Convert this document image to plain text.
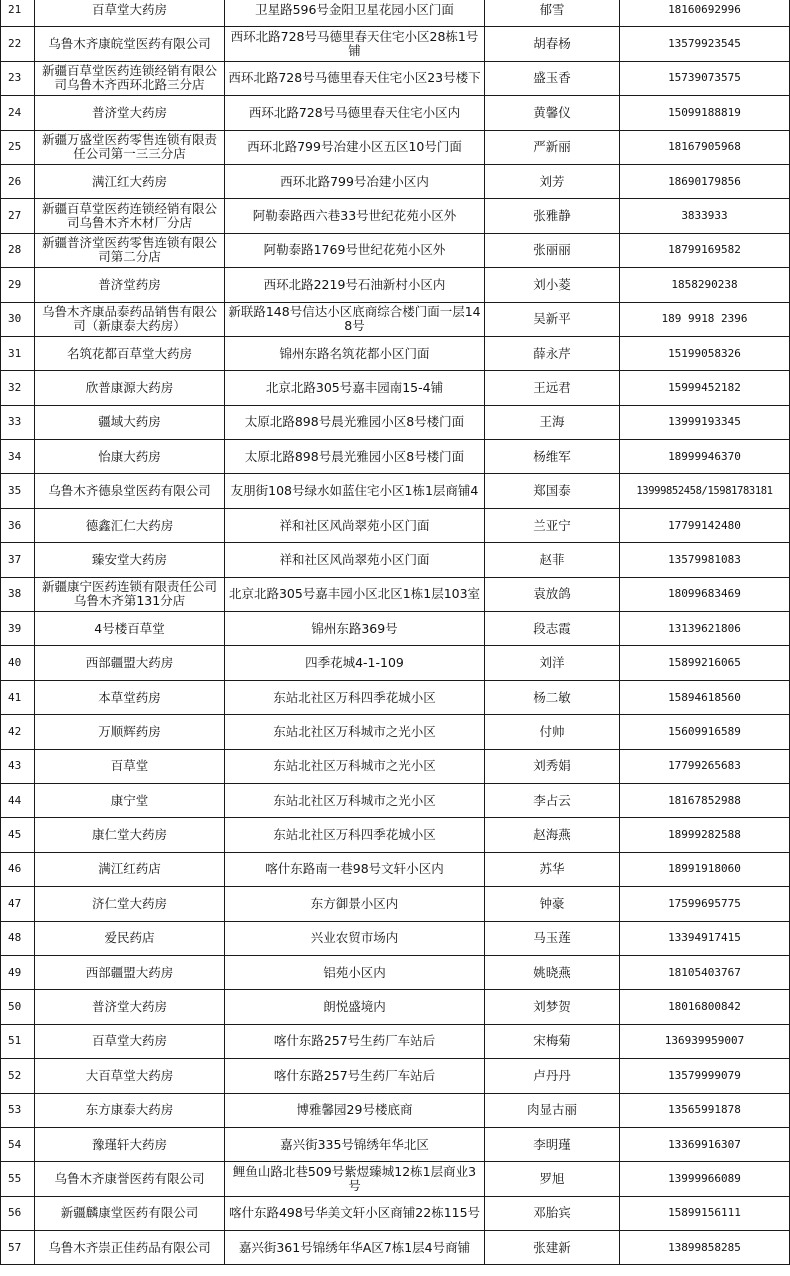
21	百草堂大药房	卫星路596号金阳卫星花园小区门面	郁雪	18160692996
22	乌鲁木齐康皖堂医药有限公司	西环北路728号马德里春天住宅小区28栋1号铺	胡春杨	13579923545
23	新疆百草堂医药连锁经销有限公司乌鲁木齐西环北路三分店	西环北路728号马德里春天住宅小区23号楼下	盛玉香	15739073575
24	普济堂大药房	西环北路728号马德里春天住宅小区内	黄馨仪	15099188819
25	新疆万盛堂医药零售连锁有限责任公司第一三三分店	西环北路799号冶建小区五区10号门面	严新丽	18167905968
26	满江红大药房	西环北路799号冶建小区内	刘芳	18690179856
27	新疆百草堂医药连锁经销有限公司乌鲁木齐木材厂分店	阿勒泰路西六巷33号世纪花苑小区外	张雅静	3833933
28	新疆普济堂医药零售连锁有限公司第二分店	阿勒泰路1769号世纪花苑小区外	张丽丽	18799169582
29	普济堂药房	西环北路2219号石油新村小区内	刘小菱	1858290238
30	乌鲁木齐康品泰药品销售有限公司（新康泰大药房）	新联路148号信达小区底商综合楼门面一层148号	吴新平	189 9918 2396
31	名筑花都百草堂大药房	锦州东路名筑花都小区门面	薛永芹	15199058326
32	欣普康源大药房	北京北路305号嘉丰园南15-4铺	王远君	15999452182
33	疆域大药房	太原北路898号晨光雅园小区8号楼门面	王海	13999193345
34	怡康大药房	太原北路898号晨光雅园小区8号楼门面	杨维军	18999946370
35	乌鲁木齐德泉堂医药有限公司	友朋街108号绿水如蓝住宅小区1栋1层商铺4	郑国泰	13999852458/15981783181
36	德鑫汇仁大药房	祥和社区风尚翠苑小区门面	兰亚宁	17799142480
37	臻安堂大药房	祥和社区风尚翠苑小区门面	赵菲	13579981083
38	新疆康宁医药连锁有限责任公司乌鲁木齐第131分店	北京北路305号嘉丰园小区北区1栋1层103室	袁放鸽	18099683469
39	4号楼百草堂	锦州东路369号	段志霞	13139621806
40	西部疆盟大药房	四季花城4-1-109	刘洋	15899216065
41	本草堂药房	东站北社区万科四季花城小区	杨二敏	15894618560
42	万顺辉药房	东站北社区万科城市之光小区	付帅	15609916589
43	百草堂	东站北社区万科城市之光小区	刘秀娟	17799265683
44	康宁堂	东站北社区万科城市之光小区	李占云	18167852988
45	康仁堂大药房	东站北社区万科四季花城小区	赵海燕	18999282588
46	满江红药店	喀什东路南一巷98号文轩小区内	苏华	18991918060
47	济仁堂大药房	东方御景小区内	钟豪	17599695775
48	爱民药店	兴业农贸市场内	马玉莲	13394917415
49	西部疆盟大药房	铝苑小区内	姚晓燕	18105403767
50	普济堂大药房	朗悦盛境内	刘梦贺	18016800842
51	百草堂大药房	喀什东路257号生药厂车站后	宋梅菊	136939959007
52	大百草堂大药房	喀什东路257号生药厂车站后	卢丹丹	13579999079
53	东方康泰大药房	博雅馨园29号楼底商	肉显古丽	13565991878
54	豫瑾轩大药房	嘉兴街335号锦绣年华北区	李明瑾	13369916307
55	乌鲁木齐康誉医药有限公司	鲤鱼山路北巷509号紫煜臻城12栋1层商业3号	罗旭	13999966089
56	新疆麟康堂医药有限公司	喀什东路498号华美文轩小区商铺22栋115号	邓胎宾	15899156111
57	乌鲁木齐崇正佳药品有限公司	嘉兴街361号锦绣年华A区7栋1层4号商铺	张建新	13899858285
